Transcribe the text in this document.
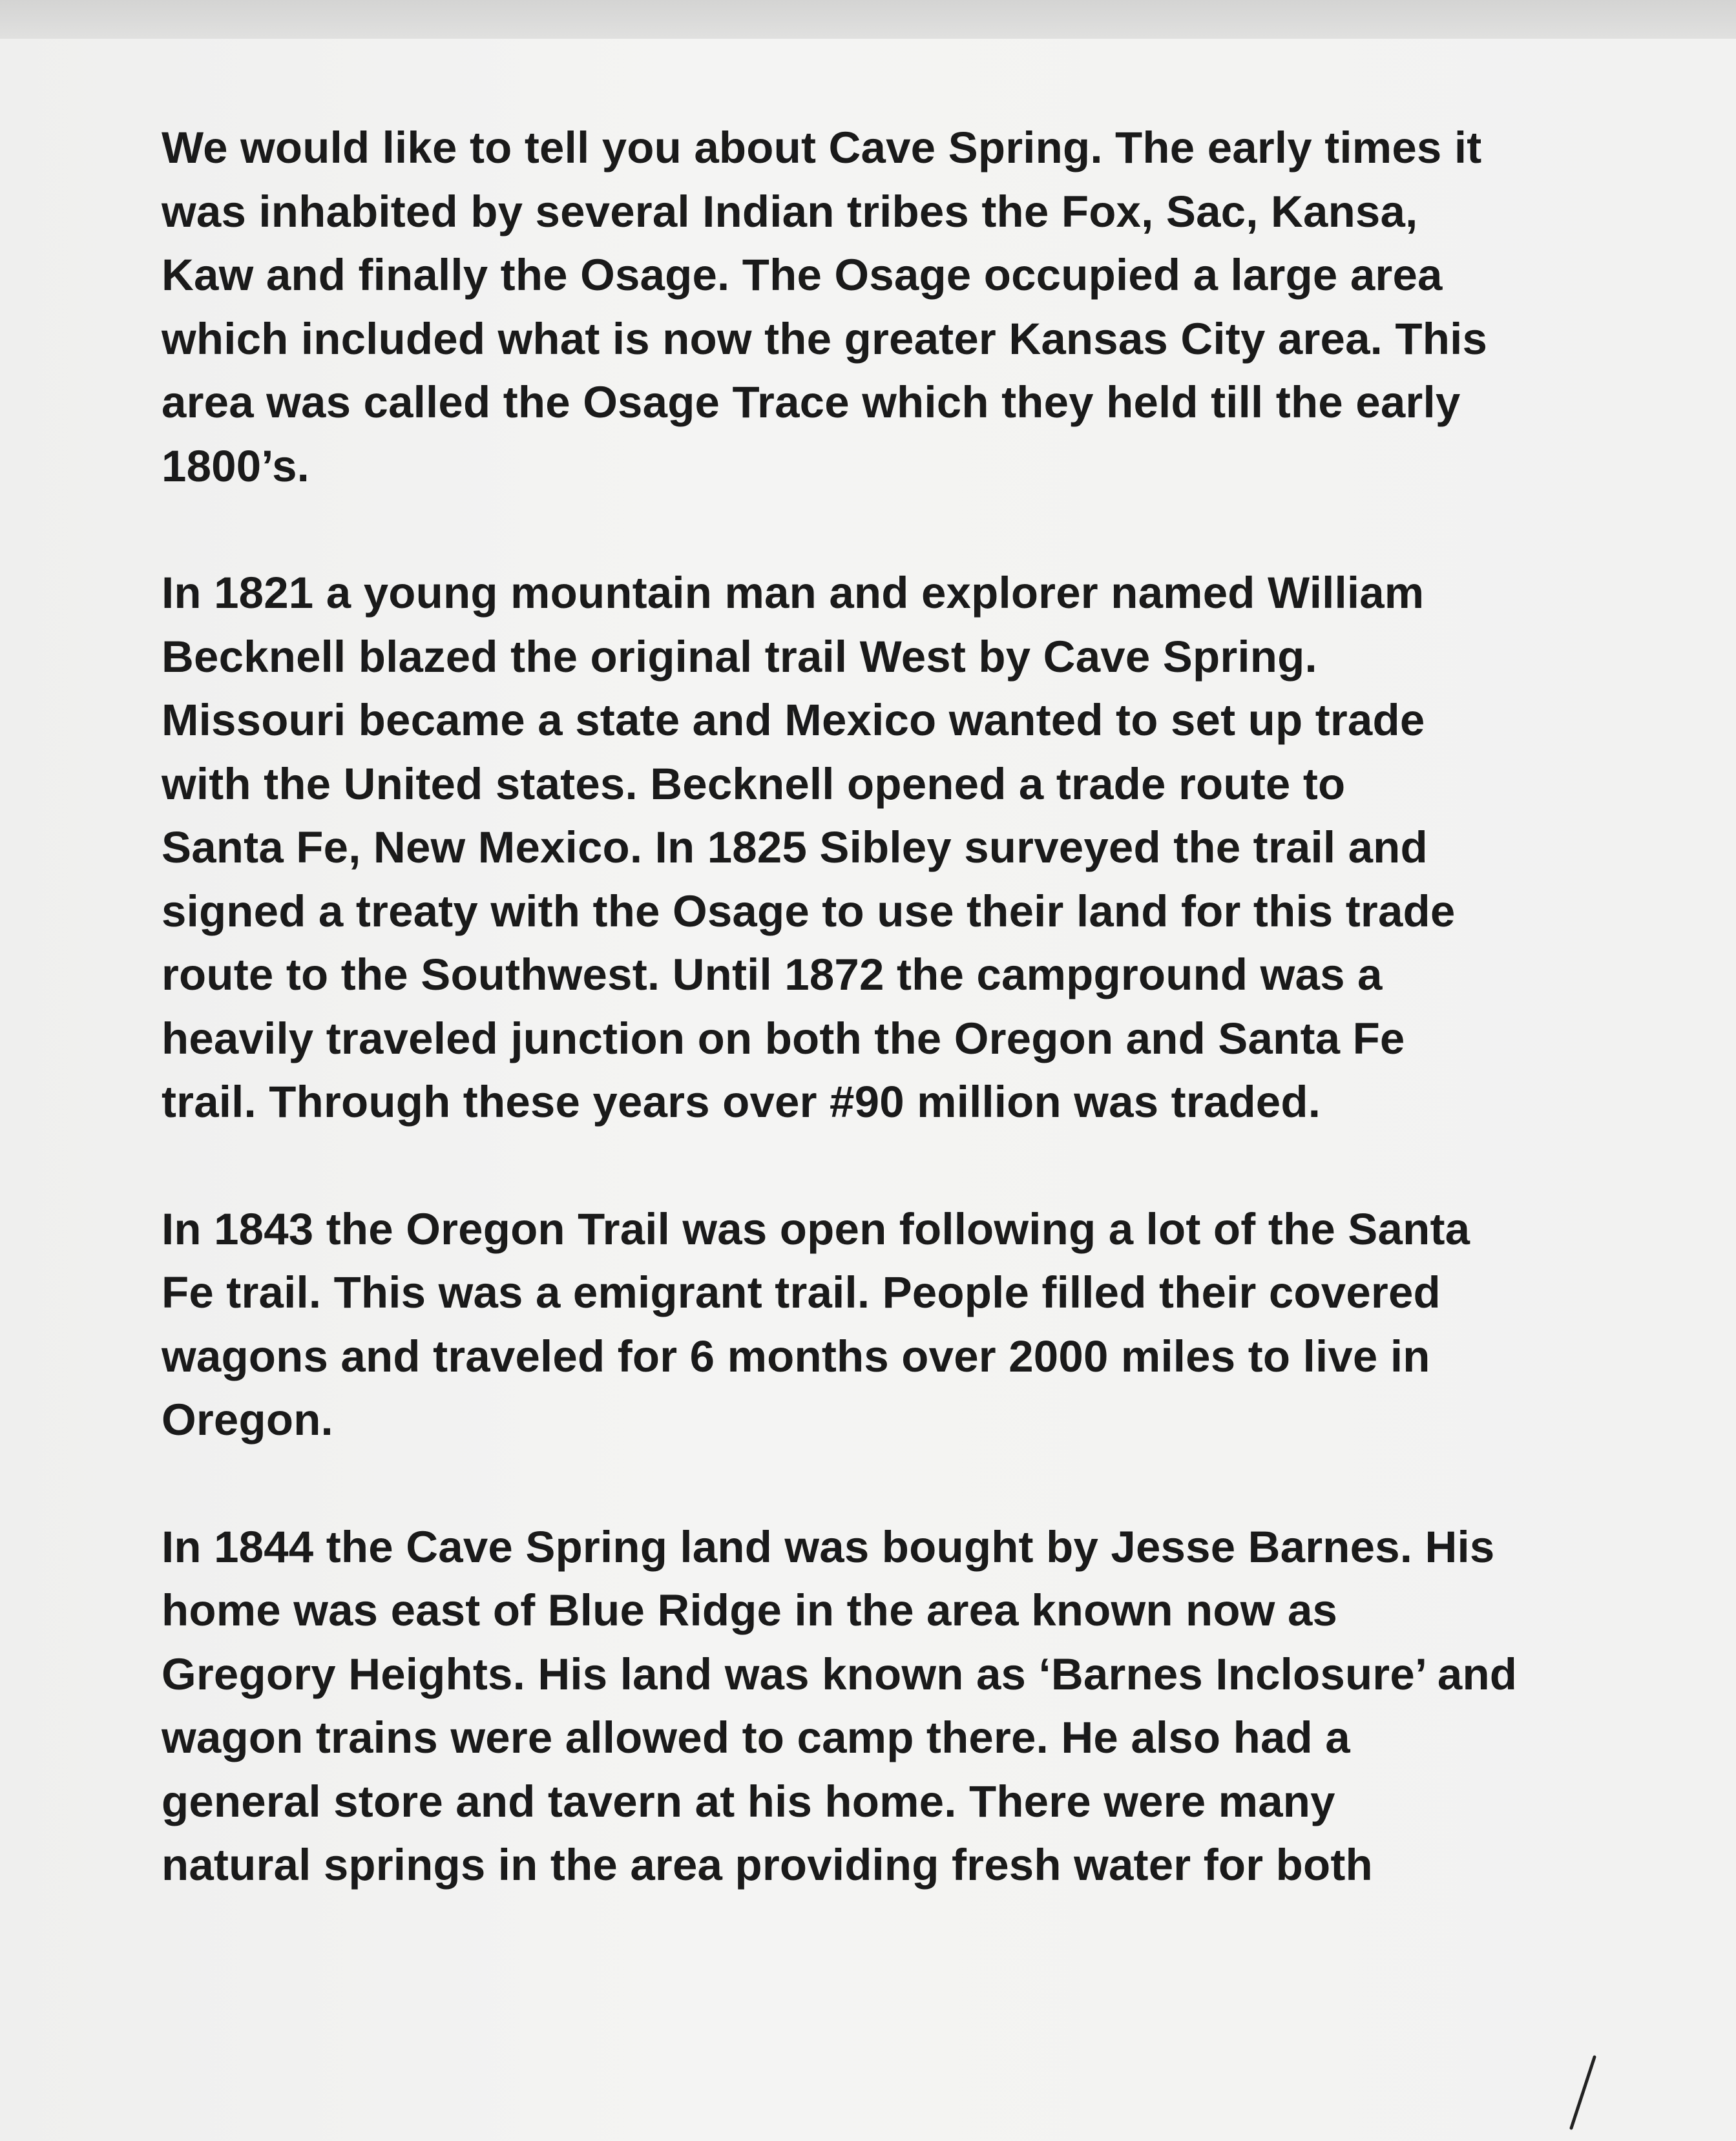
We would like to tell you about Cave Spring. The early times it
was inhabited by several Indian tribes the Fox, Sac, Kansa,
Kaw and finally the Osage. The Osage occupied a large area
which included what is now the greater Kansas City area. This
area was called the Osage Trace which they held till the early
1800’s.

In 1821 a young mountain man and explorer named William
Becknell blazed the original trail West by Cave Spring.
Missouri became a state and Mexico wanted to set up trade
with the United states. Becknell opened a trade route to
Santa Fe, New Mexico. In 1825 Sibley surveyed the trail and
signed a treaty with the Osage to use their land for this trade
route to the Southwest. Until 1872 the campground was a
heavily traveled junction on both the Oregon and Santa Fe
trail. Through these years over #90 million was traded.

In 1843 the Oregon Trail was open following a lot of the Santa
Fe trail. This was a emigrant trail. People filled their covered
wagons and traveled for 6 months over 2000 miles to live in
Oregon.

In 1844 the Cave Spring land was bought by Jesse Barnes. His
home was east of Blue Ridge in the area known now as
Gregory Heights. His land was known as ‘Barnes Inclosure’ and
wagon trains were allowed to camp there. He also had a
general store and tavern at his home. There were many
natural springs in the area providing fresh water for both
